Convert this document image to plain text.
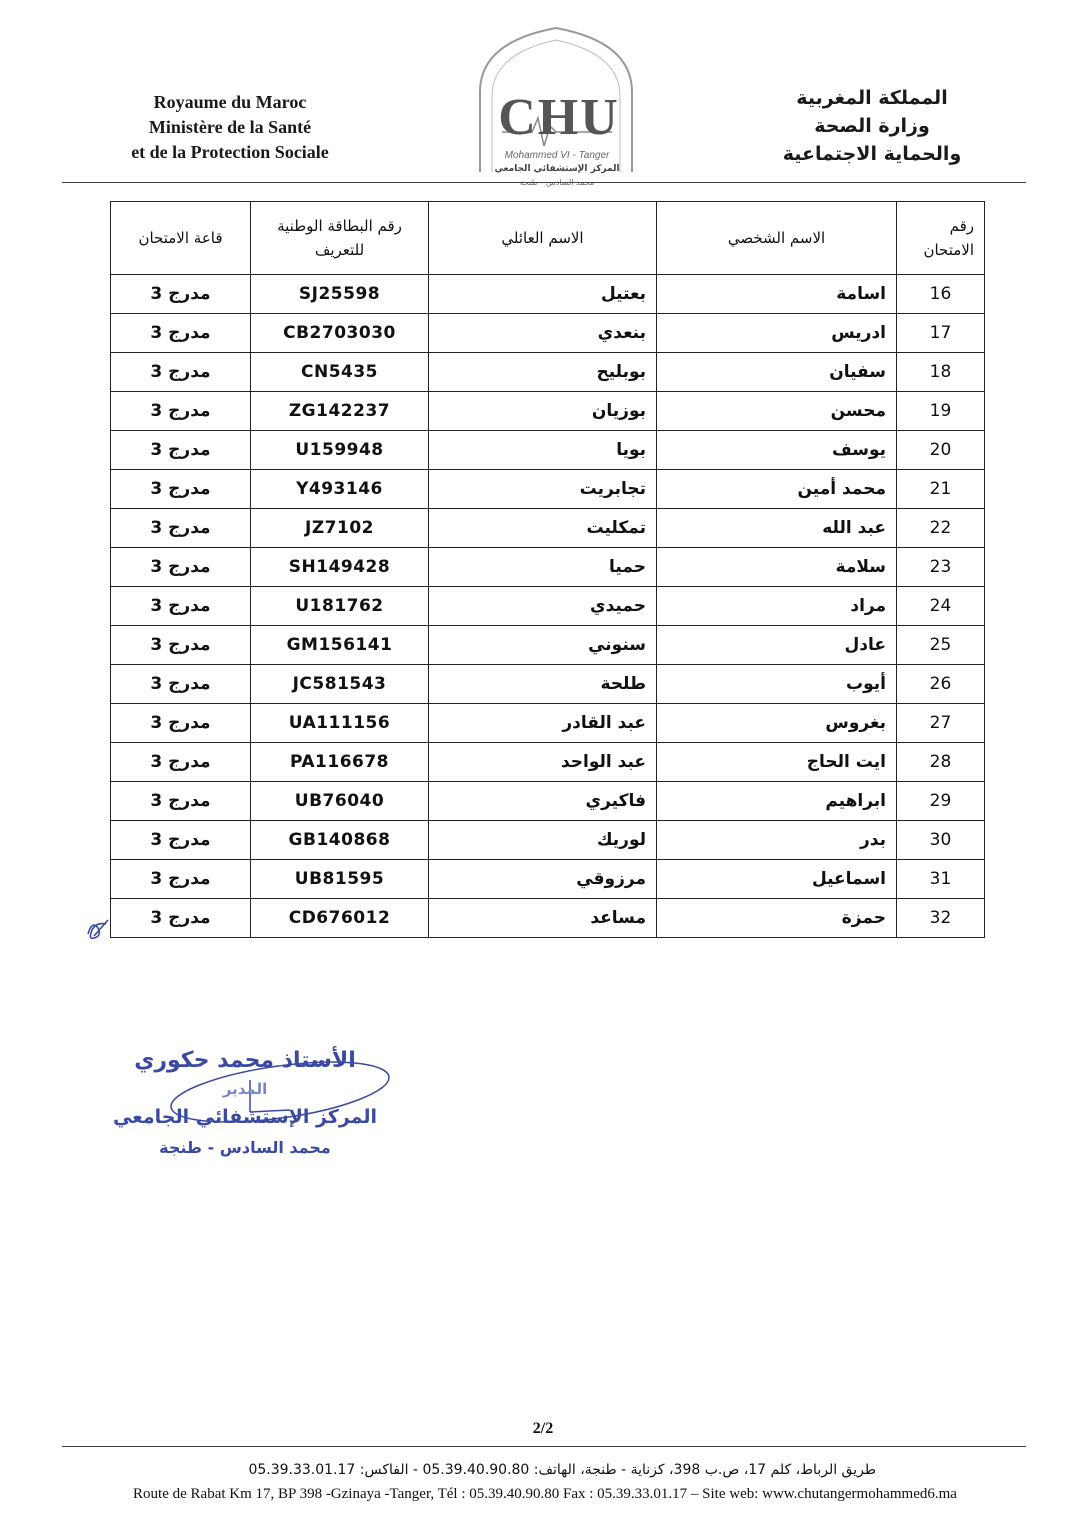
Royaume du Maroc
Ministère de la Santé
et de la Protection Sociale
CHU
Mohammed VI - Tanger
المركز الإستشفائي الجامعي
محمد السادس - طنجة
المملكة المغربية
وزارة الصحة
والحماية الاجتماعية
رقم الامتحان	الاسم الشخصي	الاسم العائلي	رقم البطاقة الوطنية للتعريف	قاعة الامتحان
16	اسامة	بعتيل	SJ25598	مدرج 3
17	ادريس	بنعدي	CB2703030	مدرج 3
18	سفيان	بوبليح	CN5435	مدرج 3
19	محسن	بوزيان	ZG142237	مدرج 3
20	يوسف	بويا	U159948	مدرج 3
21	محمد أمين	تجابريت	Y493146	مدرج 3
22	عبد الله	تمكليت	JZ7102	مدرج 3
23	سلامة	حميا	SH149428	مدرج 3
24	مراد	حميدي	U181762	مدرج 3
25	عادل	سنوني	GM156141	مدرج 3
26	أيوب	طلحة	JC581543	مدرج 3
27	بغروس	عبد القادر	UA111156	مدرج 3
28	ايت الحاج	عبد الواحد	PA116678	مدرج 3
29	ابراهيم	فاكيري	UB76040	مدرج 3
30	بدر	لوريك	GB140868	مدرج 3
31	اسماعيل	مرزوقي	UB81595	مدرج 3
32	حمزة	مساعد	CD676012	مدرج 3
الأستاذ محمد حكوري
المدير
المركز الإستشفائي الجامعي
محمد السادس - طنجة
2/2
طريق الرباط، كلم 17، ص.ب 398، كزناية - طنجة، الهاتف: 05.39.40.90.80 - الفاكس: 05.39.33.01.17
Route de Rabat Km 17, BP 398 -Gzinaya -Tanger, Tél : 05.39.40.90.80 Fax : 05.39.33.01.17 – Site web: www.chutangermohammed6.ma
